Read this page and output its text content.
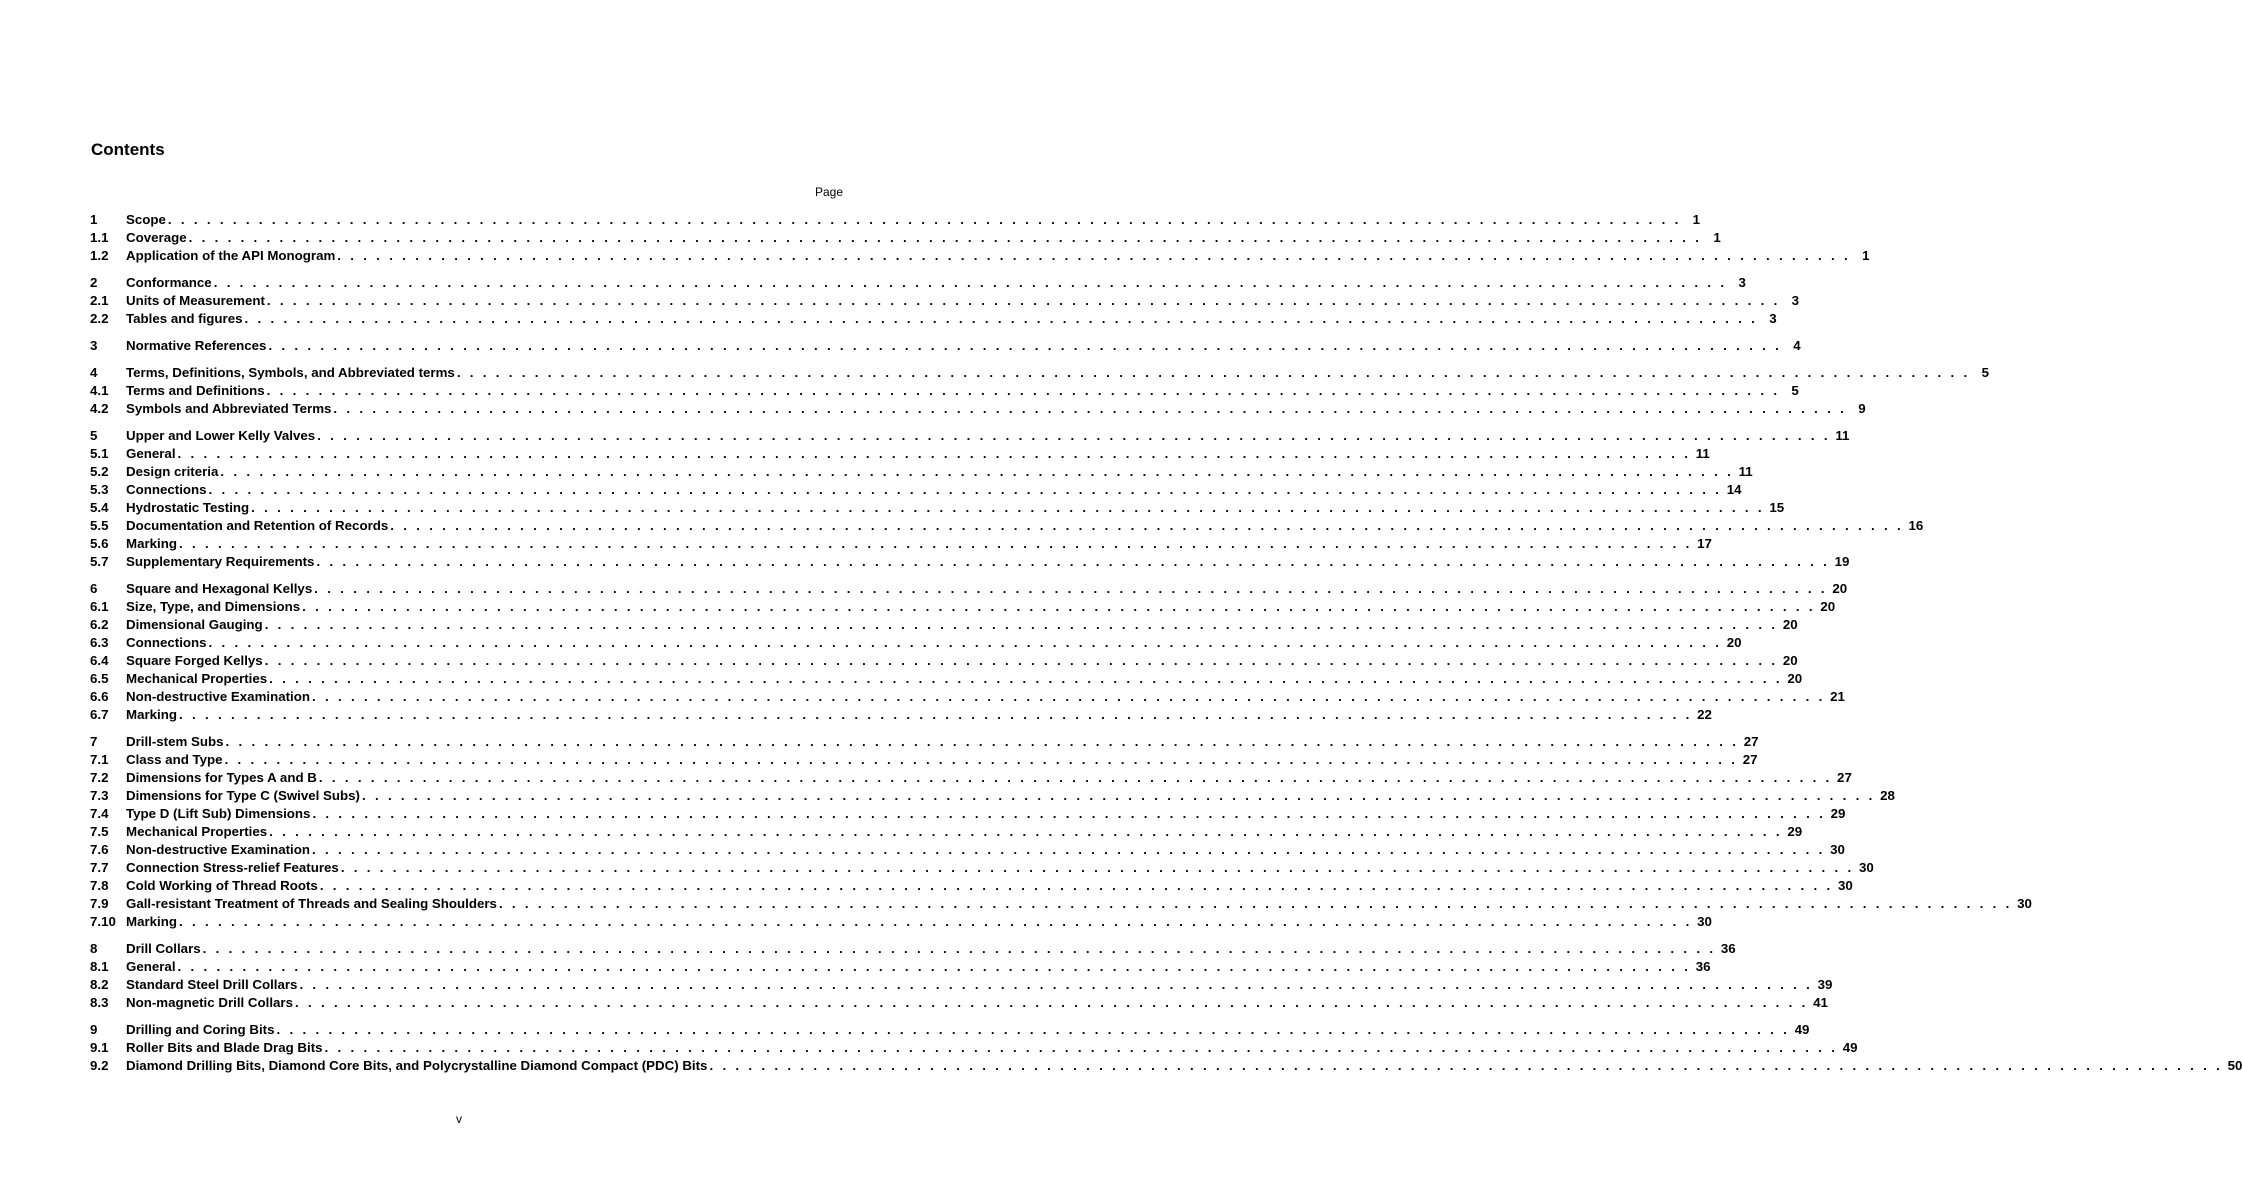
Contents
Page
1	Scope . . . . . . . . . . . . . . . . . . . . . . . . . . . . . . . . . . . . . . . . . . . . . . . . . . . . . . . . . . . . . . . . . . . . . . . . . . . . . . . . . . . . . . . . . . . . . . . . . . . . . . . . . . . . . . . . . . . . . 1
1.1	Coverage . . . . . . . . . . . . . . . . . . . . . . . . . . . . . . . . . . . . . . . . . . . . . . . . . . . . . . . . . . . . . . . . . . . . . . . . . . . . . . . . . . . . . . . . . . . . . . . . . . . . . . . . . . . . . . . . . . . . . 1
1.2	Application of the API Monogram . . . . . . . . . . . . . . . . . . . . . . . . . . . . . . . . . . . . . . . . . . . . . . . . . . . . . . . . . . . . . . . . . . . . . . . . . . . . . . . . . . . . . . . . . . . . . . . . . . . . . . . . . . . . . . . . . . . . . 1
2	Conformance . . . . . . . . . . . . . . . . . . . . . . . . . . . . . . . . . . . . . . . . . . . . . . . . . . . . . . . . . . . . . . . . . . . . . . . . . . . . . . . . . . . . . . . . . . . . . . . . . . . . . . . . . . . . . . . . . . . . . 3
2.1	Units of Measurement . . . . . . . . . . . . . . . . . . . . . . . . . . . . . . . . . . . . . . . . . . . . . . . . . . . . . . . . . . . . . . . . . . . . . . . . . . . . . . . . . . . . . . . . . . . . . . . . . . . . . . . . . . . . . . . . . . . . . 3
2.2	Tables and figures . . . . . . . . . . . . . . . . . . . . . . . . . . . . . . . . . . . . . . . . . . . . . . . . . . . . . . . . . . . . . . . . . . . . . . . . . . . . . . . . . . . . . . . . . . . . . . . . . . . . . . . . . . . . . . . . . . . . . 3
3	Normative References . . . . . . . . . . . . . . . . . . . . . . . . . . . . . . . . . . . . . . . . . . . . . . . . . . . . . . . . . . . . . . . . . . . . . . . . . . . . . . . . . . . . . . . . . . . . . . . . . . . . . . . . . . . . . . . . . . . . . 4
4	Terms, Definitions, Symbols, and Abbreviated terms . . . . . . . . . . . . . . . . . . . . . . . . . . . . . . . . . . . . . . . . . . . . . . . . . . . . . . . . . . . . . . . . . . . . . . . . . . . . . . . . . . . . . . . . . . . . . . . . . . . . . . . . . . . . . . . . . . . . . 5
4.1	Terms and Definitions . . . . . . . . . . . . . . . . . . . . . . . . . . . . . . . . . . . . . . . . . . . . . . . . . . . . . . . . . . . . . . . . . . . . . . . . . . . . . . . . . . . . . . . . . . . . . . . . . . . . . . . . . . . . . . . . . . . . . 5
4.2	Symbols and Abbreviated Terms . . . . . . . . . . . . . . . . . . . . . . . . . . . . . . . . . . . . . . . . . . . . . . . . . . . . . . . . . . . . . . . . . . . . . . . . . . . . . . . . . . . . . . . . . . . . . . . . . . . . . . . . . . . . . . . . . . . . . 9
5	Upper and Lower Kelly Valves . . . . . . . . . . . . . . . . . . . . . . . . . . . . . . . . . . . . . . . . . . . . . . . . . . . . . . . . . . . . . . . . . . . . . . . . . . . . . . . . . . . . . . . . . . . . . . . . . . . . . . . . . . . . . . . . . . . . . 11
5.1	General . . . . . . . . . . . . . . . . . . . . . . . . . . . . . . . . . . . . . . . . . . . . . . . . . . . . . . . . . . . . . . . . . . . . . . . . . . . . . . . . . . . . . . . . . . . . . . . . . . . . . . . . . . . . . . . . . . . . . 11
5.2	Design criteria . . . . . . . . . . . . . . . . . . . . . . . . . . . . . . . . . . . . . . . . . . . . . . . . . . . . . . . . . . . . . . . . . . . . . . . . . . . . . . . . . . . . . . . . . . . . . . . . . . . . . . . . . . . . . . . . . . . . . 11
5.3	Connections . . . . . . . . . . . . . . . . . . . . . . . . . . . . . . . . . . . . . . . . . . . . . . . . . . . . . . . . . . . . . . . . . . . . . . . . . . . . . . . . . . . . . . . . . . . . . . . . . . . . . . . . . . . . . . . . . . . . . 14
5.4	Hydrostatic Testing . . . . . . . . . . . . . . . . . . . . . . . . . . . . . . . . . . . . . . . . . . . . . . . . . . . . . . . . . . . . . . . . . . . . . . . . . . . . . . . . . . . . . . . . . . . . . . . . . . . . . . . . . . . . . . . . . . . . . 15
5.5	Documentation and Retention of Records . . . . . . . . . . . . . . . . . . . . . . . . . . . . . . . . . . . . . . . . . . . . . . . . . . . . . . . . . . . . . . . . . . . . . . . . . . . . . . . . . . . . . . . . . . . . . . . . . . . . . . . . . . . . . . . . . . . . . 16
5.6	Marking . . . . . . . . . . . . . . . . . . . . . . . . . . . . . . . . . . . . . . . . . . . . . . . . . . . . . . . . . . . . . . . . . . . . . . . . . . . . . . . . . . . . . . . . . . . . . . . . . . . . . . . . . . . . . . . . . . . . . 17
5.7	Supplementary Requirements . . . . . . . . . . . . . . . . . . . . . . . . . . . . . . . . . . . . . . . . . . . . . . . . . . . . . . . . . . . . . . . . . . . . . . . . . . . . . . . . . . . . . . . . . . . . . . . . . . . . . . . . . . . . . . . . . . . . . 19
6	Square and Hexagonal Kellys . . . . . . . . . . . . . . . . . . . . . . . . . . . . . . . . . . . . . . . . . . . . . . . . . . . . . . . . . . . . . . . . . . . . . . . . . . . . . . . . . . . . . . . . . . . . . . . . . . . . . . . . . . . . . . . . . . . . . 20
6.1	Size, Type, and Dimensions . . . . . . . . . . . . . . . . . . . . . . . . . . . . . . . . . . . . . . . . . . . . . . . . . . . . . . . . . . . . . . . . . . . . . . . . . . . . . . . . . . . . . . . . . . . . . . . . . . . . . . . . . . . . . . . . . . . . . 20
6.2	Dimensional Gauging . . . . . . . . . . . . . . . . . . . . . . . . . . . . . . . . . . . . . . . . . . . . . . . . . . . . . . . . . . . . . . . . . . . . . . . . . . . . . . . . . . . . . . . . . . . . . . . . . . . . . . . . . . . . . . . . . . . . . 20
6.3	Connections . . . . . . . . . . . . . . . . . . . . . . . . . . . . . . . . . . . . . . . . . . . . . . . . . . . . . . . . . . . . . . . . . . . . . . . . . . . . . . . . . . . . . . . . . . . . . . . . . . . . . . . . . . . . . . . . . . . . . 20
6.4	Square Forged Kellys . . . . . . . . . . . . . . . . . . . . . . . . . . . . . . . . . . . . . . . . . . . . . . . . . . . . . . . . . . . . . . . . . . . . . . . . . . . . . . . . . . . . . . . . . . . . . . . . . . . . . . . . . . . . . . . . . . . . . 20
6.5	Mechanical Properties . . . . . . . . . . . . . . . . . . . . . . . . . . . . . . . . . . . . . . . . . . . . . . . . . . . . . . . . . . . . . . . . . . . . . . . . . . . . . . . . . . . . . . . . . . . . . . . . . . . . . . . . . . . . . . . . . . . . . 20
6.6	Non-destructive Examination . . . . . . . . . . . . . . . . . . . . . . . . . . . . . . . . . . . . . . . . . . . . . . . . . . . . . . . . . . . . . . . . . . . . . . . . . . . . . . . . . . . . . . . . . . . . . . . . . . . . . . . . . . . . . . . . . . . . . 21
6.7	Marking . . . . . . . . . . . . . . . . . . . . . . . . . . . . . . . . . . . . . . . . . . . . . . . . . . . . . . . . . . . . . . . . . . . . . . . . . . . . . . . . . . . . . . . . . . . . . . . . . . . . . . . . . . . . . . . . . . . . . 22
7	Drill-stem Subs . . . . . . . . . . . . . . . . . . . . . . . . . . . . . . . . . . . . . . . . . . . . . . . . . . . . . . . . . . . . . . . . . . . . . . . . . . . . . . . . . . . . . . . . . . . . . . . . . . . . . . . . . . . . . . . . . . . . . 27
7.1	Class and Type . . . . . . . . . . . . . . . . . . . . . . . . . . . . . . . . . . . . . . . . . . . . . . . . . . . . . . . . . . . . . . . . . . . . . . . . . . . . . . . . . . . . . . . . . . . . . . . . . . . . . . . . . . . . . . . . . . . . . 27
7.2	Dimensions for Types A and B . . . . . . . . . . . . . . . . . . . . . . . . . . . . . . . . . . . . . . . . . . . . . . . . . . . . . . . . . . . . . . . . . . . . . . . . . . . . . . . . . . . . . . . . . . . . . . . . . . . . . . . . . . . . . . . . . . . . . 27
7.3	Dimensions for Type C (Swivel Subs) . . . . . . . . . . . . . . . . . . . . . . . . . . . . . . . . . . . . . . . . . . . . . . . . . . . . . . . . . . . . . . . . . . . . . . . . . . . . . . . . . . . . . . . . . . . . . . . . . . . . . . . . . . . . . . . . . . . . . 28
7.4	Type D (Lift Sub) Dimensions . . . . . . . . . . . . . . . . . . . . . . . . . . . . . . . . . . . . . . . . . . . . . . . . . . . . . . . . . . . . . . . . . . . . . . . . . . . . . . . . . . . . . . . . . . . . . . . . . . . . . . . . . . . . . . . . . . . . . 29
7.5	Mechanical Properties . . . . . . . . . . . . . . . . . . . . . . . . . . . . . . . . . . . . . . . . . . . . . . . . . . . . . . . . . . . . . . . . . . . . . . . . . . . . . . . . . . . . . . . . . . . . . . . . . . . . . . . . . . . . . . . . . . . . . 29
7.6	Non-destructive Examination . . . . . . . . . . . . . . . . . . . . . . . . . . . . . . . . . . . . . . . . . . . . . . . . . . . . . . . . . . . . . . . . . . . . . . . . . . . . . . . . . . . . . . . . . . . . . . . . . . . . . . . . . . . . . . . . . . . . . 30
7.7	Connection Stress-relief Features . . . . . . . . . . . . . . . . . . . . . . . . . . . . . . . . . . . . . . . . . . . . . . . . . . . . . . . . . . . . . . . . . . . . . . . . . . . . . . . . . . . . . . . . . . . . . . . . . . . . . . . . . . . . . . . . . . . . . 30
7.8	Cold Working of Thread Roots . . . . . . . . . . . . . . . . . . . . . . . . . . . . . . . . . . . . . . . . . . . . . . . . . . . . . . . . . . . . . . . . . . . . . . . . . . . . . . . . . . . . . . . . . . . . . . . . . . . . . . . . . . . . . . . . . . . . . 30
7.9	Gall-resistant Treatment of Threads and Sealing Shoulders . . . . . . . . . . . . . . . . . . . . . . . . . . . . . . . . . . . . . . . . . . . . . . . . . . . . . . . . . . . . . . . . . . . . . . . . . . . . . . . . . . . . . . . . . . . . . . . . . . . . . . . . . . . . . . . . . . . . . 30
7.10 Marking . . . . . . . . . . . . . . . . . . . . . . . . . . . . . . . . . . . . . . . . . . . . . . . . . . . . . . . . . . . . . . . . . . . . . . . . . . . . . . . . . . . . . . . . . . . . . . . . . . . . . . . . . . . . . . . . . . . . . 30
8	Drill Collars . . . . . . . . . . . . . . . . . . . . . . . . . . . . . . . . . . . . . . . . . . . . . . . . . . . . . . . . . . . . . . . . . . . . . . . . . . . . . . . . . . . . . . . . . . . . . . . . . . . . . . . . . . . . . . . . . . . . . 36
8.1	General . . . . . . . . . . . . . . . . . . . . . . . . . . . . . . . . . . . . . . . . . . . . . . . . . . . . . . . . . . . . . . . . . . . . . . . . . . . . . . . . . . . . . . . . . . . . . . . . . . . . . . . . . . . . . . . . . . . . . 36
8.2	Standard Steel Drill Collars . . . . . . . . . . . . . . . . . . . . . . . . . . . . . . . . . . . . . . . . . . . . . . . . . . . . . . . . . . . . . . . . . . . . . . . . . . . . . . . . . . . . . . . . . . . . . . . . . . . . . . . . . . . . . . . . . . . . . 39
8.3	Non-magnetic Drill Collars . . . . . . . . . . . . . . . . . . . . . . . . . . . . . . . . . . . . . . . . . . . . . . . . . . . . . . . . . . . . . . . . . . . . . . . . . . . . . . . . . . . . . . . . . . . . . . . . . . . . . . . . . . . . . . . . . . . . . 41
9	Drilling and Coring Bits . . . . . . . . . . . . . . . . . . . . . . . . . . . . . . . . . . . . . . . . . . . . . . . . . . . . . . . . . . . . . . . . . . . . . . . . . . . . . . . . . . . . . . . . . . . . . . . . . . . . . . . . . . . . . . . . . . . . . 49
9.1	Roller Bits and Blade Drag Bits . . . . . . . . . . . . . . . . . . . . . . . . . . . . . . . . . . . . . . . . . . . . . . . . . . . . . . . . . . . . . . . . . . . . . . . . . . . . . . . . . . . . . . . . . . . . . . . . . . . . . . . . . . . . . . . . . . . . . 49
9.2	Diamond Drilling Bits, Diamond Core Bits, and Polycrystalline Diamond Compact (PDC) Bits . . . . . . . . . . . . . . . . . . . . . . . . . . . . . . . . . . . . . . . . . . . . . . . . . . . . . . . . . . . . . . . . . . . . . . . . . . . . . . . . . . . . . . . . . . . . . . . . . . . . . . . . . . . . . . . . . . . . . 50
v
